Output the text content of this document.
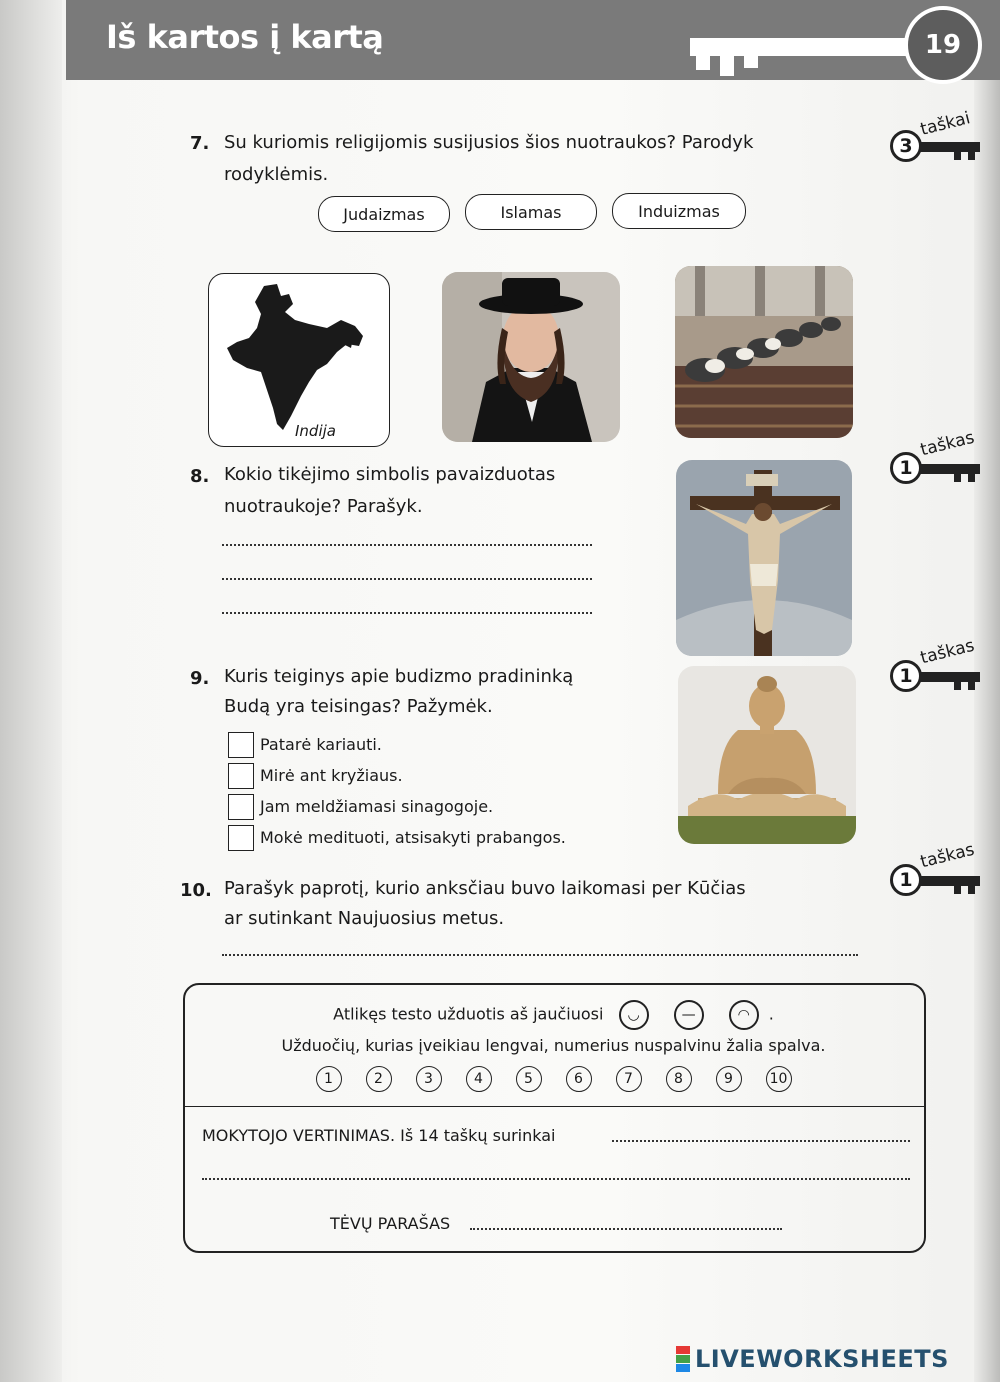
Iš kartos į kartą	19
7. Su kuriomis religijomis susijusios šios nuotraukos? Parodyk
rodyklėmis.
taškai
3
Judaizmas	Islamas	Induizmas
Indija	taškas
1
8. Kokio tikėjimo simbolis pavaizduotas
nuotraukoje? Parašyk.
taškas
1
9. Kuris teiginys apie budizmo pradininką
Budą yra teisingas? Pažymėk.
Patarė kariauti.
Mirė ant kryžiaus.
Jam meldžiamasi sinagogoje.
Mokė medituoti, atsisakyti prabangos.
taškas
1
10. Parašyk paprotį, kurio anksčiau buvo laikomasi per Kūčias
ar sutinkant Naujuosius metus.
Atlikęs testo užduotis aš jaučiuosi ◡	—	◠ .
Užduočių, kurias įveikiau lengvai, numerius nuspalvinu žalia spalva.
1	2	3	4	5	6	7	8	9	10
MOKYTOJO VERTINIMAS. Iš 14 taškų surinkai
TĖVŲ PARAŠAS
LIVEWORKSHEETS
